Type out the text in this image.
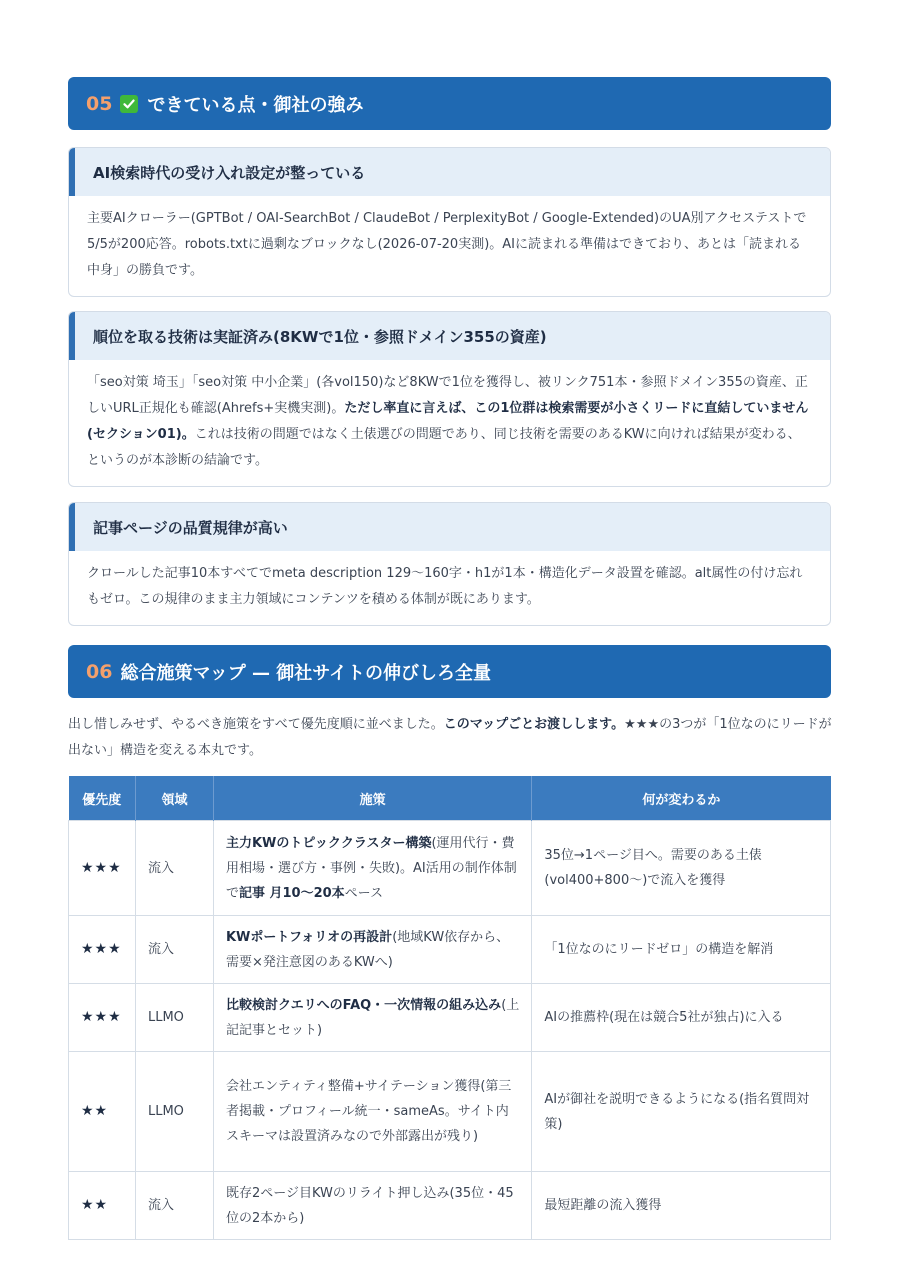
05 できている点・御社の強み
AI検索時代の受け入れ設定が整っている
主要AIクローラー(GPTBot / OAI-SearchBot / ClaudeBot / PerplexityBot / Google-Extended)のUA別アクセステストで5/5が200応答。robots.txtに過剰なブロックなし(2026-07-20実測)。AIに読まれる準備はできており、あとは「読まれる中身」の勝負です。
順位を取る技術は実証済み(8KWで1位・参照ドメイン355の資産)
「seo対策 埼玉」「seo対策 中小企業」(各vol150)など8KWで1位を獲得し、被リンク751本・参照ドメイン355の資産、正しいURL正規化も確認(Ahrefs+実機実測)。ただし率直に言えば、この1位群は検索需要が小さくリードに直結していません(セクション01)。これは技術の問題ではなく土俵選びの問題であり、同じ技術を需要のあるKWに向ければ結果が変わる、というのが本診断の結論です。
記事ページの品質規律が高い
クロールした記事10本すべてでmeta description 129〜160字・h1が1本・構造化データ設置を確認。alt属性の付け忘れもゼロ。この規律のまま主力領域にコンテンツを積める体制が既にあります。
06 総合施策マップ — 御社サイトの伸びしろ全量
出し惜しみせず、やるべき施策をすべて優先度順に並べました。このマップごとお渡しします。★★★の3つが「1位なのにリードが出ない」構造を変える本丸です。
優先度	領域	施策	何が変わるか
★★★	流入	主力KWのトピッククラスター構築(運用代行・費用相場・選び方・事例・失敗)。AI活用の制作体制で記事 月10〜20本ペース	35位→1ページ目へ。需要のある土俵(vol400+800〜)で流入を獲得
★★★	流入	KWポートフォリオの再設計(地域KW依存から、需要×発注意図のあるKWへ)	「1位なのにリードゼロ」の構造を解消
★★★	LLMO	比較検討クエリへのFAQ・一次情報の組み込み(上記記事とセット)	AIの推薦枠(現在は競合5社が独占)に入る
★★	LLMO	会社エンティティ整備+サイテーション獲得(第三者掲載・プロフィール統一・sameAs。サイト内スキーマは設置済みなので外部露出が残り)	AIが御社を説明できるようになる(指名質問対策)
★★	流入	既存2ページ目KWのリライト押し込み(35位・45位の2本から)	最短距離の流入獲得
